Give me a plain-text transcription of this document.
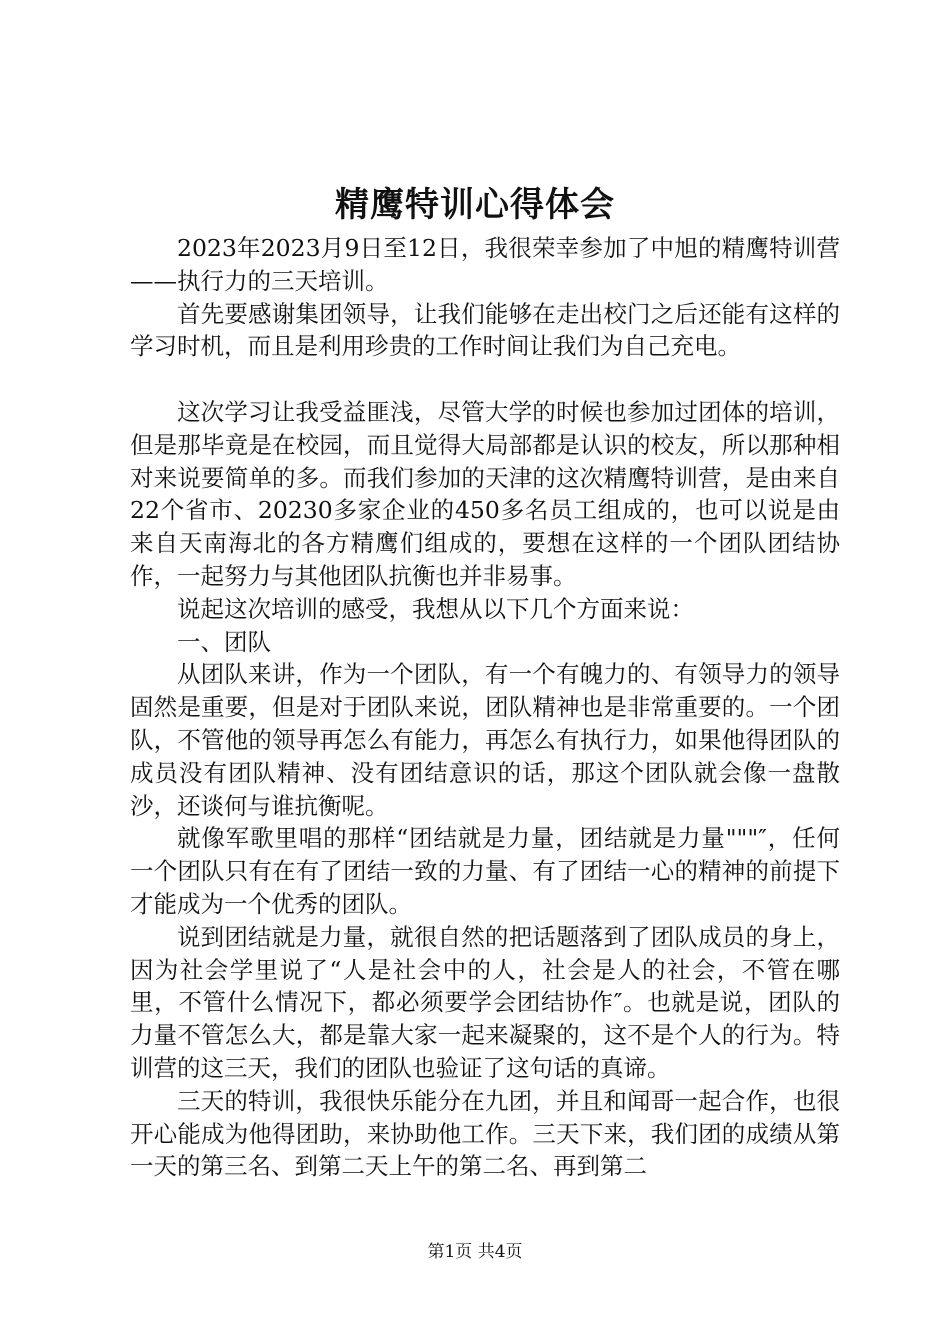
精鹰特训心得体会

2023年2023月9日至12日，我很荣幸参加了中旭的精鹰特训营——执行力的三天培训。

首先要感谢集团领导，让我们能够在走出校门之后还能有这样的学习时机，而且是利用珍贵的工作时间让我们为自己充电。

这次学习让我受益匪浅，尽管大学的时候也参加过团体的培训，但是那毕竟是在校园，而且觉得大局部都是认识的校友，所以那种相对来说要简单的多。而我们参加的天津的这次精鹰特训营，是由来自22个省市、20230多家企业的450多名员工组成的，也可以说是由来自天南海北的各方精鹰们组成的，要想在这样的一个团队团结协作，一起努力与其他团队抗衡也并非易事。

说起这次培训的感受，我想从以下几个方面来说：

一、团队

从团队来讲，作为一个团队，有一个有魄力的、有领导力的领导固然是重要，但是对于团队来说，团队精神也是非常重要的。一个团队，不管他的领导再怎么有能力，再怎么有执行力，如果他得团队的成员没有团队精神、没有团结意识的话，那这个团队就会像一盘散沙，还谈何与谁抗衡呢。

就像军歌里唱的那样“团结就是力量，团结就是力量"""″，任何一个团队只有在有了团结一致的力量、有了团结一心的精神的前提下才能成为一个优秀的团队。

说到团结就是力量，就很自然的把话题落到了团队成员的身上，因为社会学里说了“人是社会中的人，社会是人的社会，不管在哪里，不管什么情况下，都必须要学会团结协作″。也就是说，团队的力量不管怎么大，都是靠大家一起来凝聚的，这不是个人的行为。特训营的这三天，我们的团队也验证了这句话的真谛。

三天的特训，我很快乐能分在九团，并且和闻哥一起合作，也很开心能成为他得团助，来协助他工作。三天下来，我们团的成绩从第一天的第三名、到第二天上午的第二名、再到第二

第1页 共4页
